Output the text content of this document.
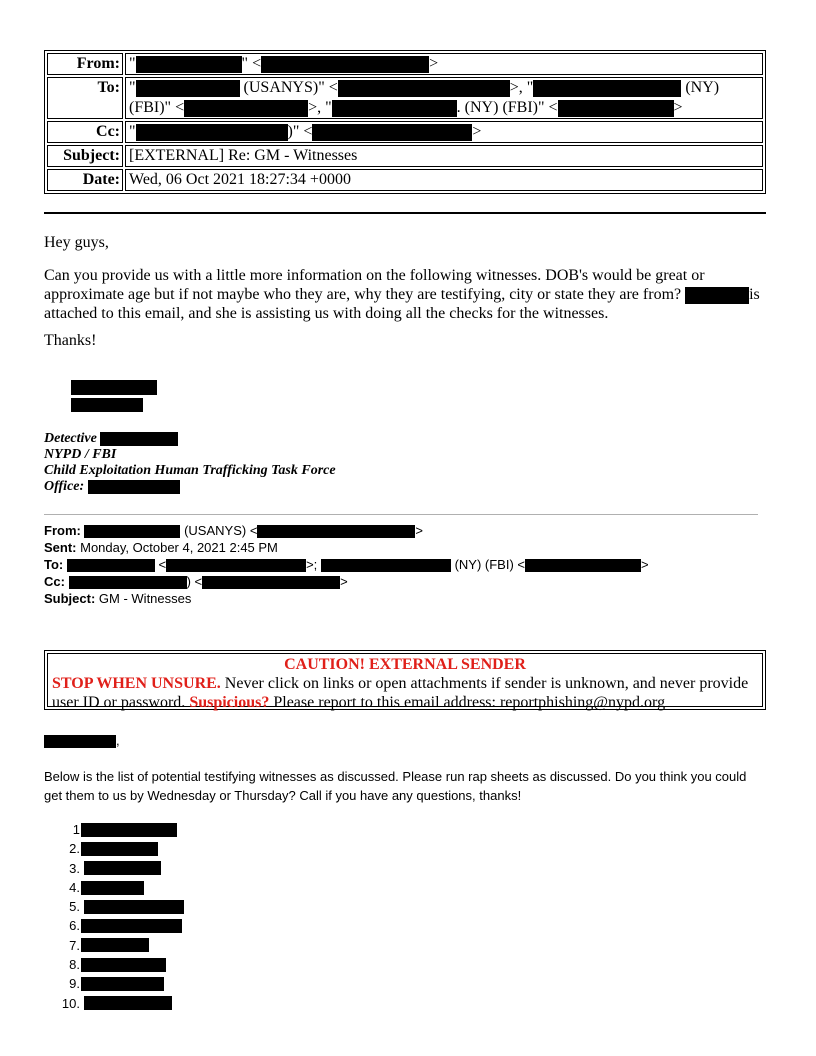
From: "	" <	>
To: "	(USANYS)" <	>, "	(NY)
(FBI)" <	>, "	. (NY) (FBI)" <	>
Cc: "	)" <	>
Subject: [EXTERNAL] Re: GM - Witnesses
Date: Wed, 06 Oct 2021 18:27:34 +0000
Hey guys,
Can you provide us with a little more information on the following witnesses. DOB's would be great or
approximate age but if not maybe who they are, why they are testifying, city or state they are from?	is
attached to this email, and she is assisting us with doing all the checks for the witnesses.
Thanks!
Detective
NYPD / FBI
Child Exploitation Human Trafficking Task Force
Office:
From:	(USANYS) <	>
Sent: Monday, October 4, 2021 2:45 PM
To:	<	>;	(NY) (FBI) <	>
Cc:	) <	>
Subject: GM - Witnesses
CAUTION! EXTERNAL SENDER
STOP WHEN UNSURE. Never click on links or open attachments if sender is unknown, and never provide
user ID or password. Suspicious? Please report to this email address: reportphishing@nypd.org
,
Below is the list of potential testifying witnesses as discussed. Please run rap sheets as discussed. Do you think you could
get them to us by Wednesday or Thursday? Call if you have any questions, thanks!
1
2.
3.
4.
5.
6.
7.
8.
9.
10.
